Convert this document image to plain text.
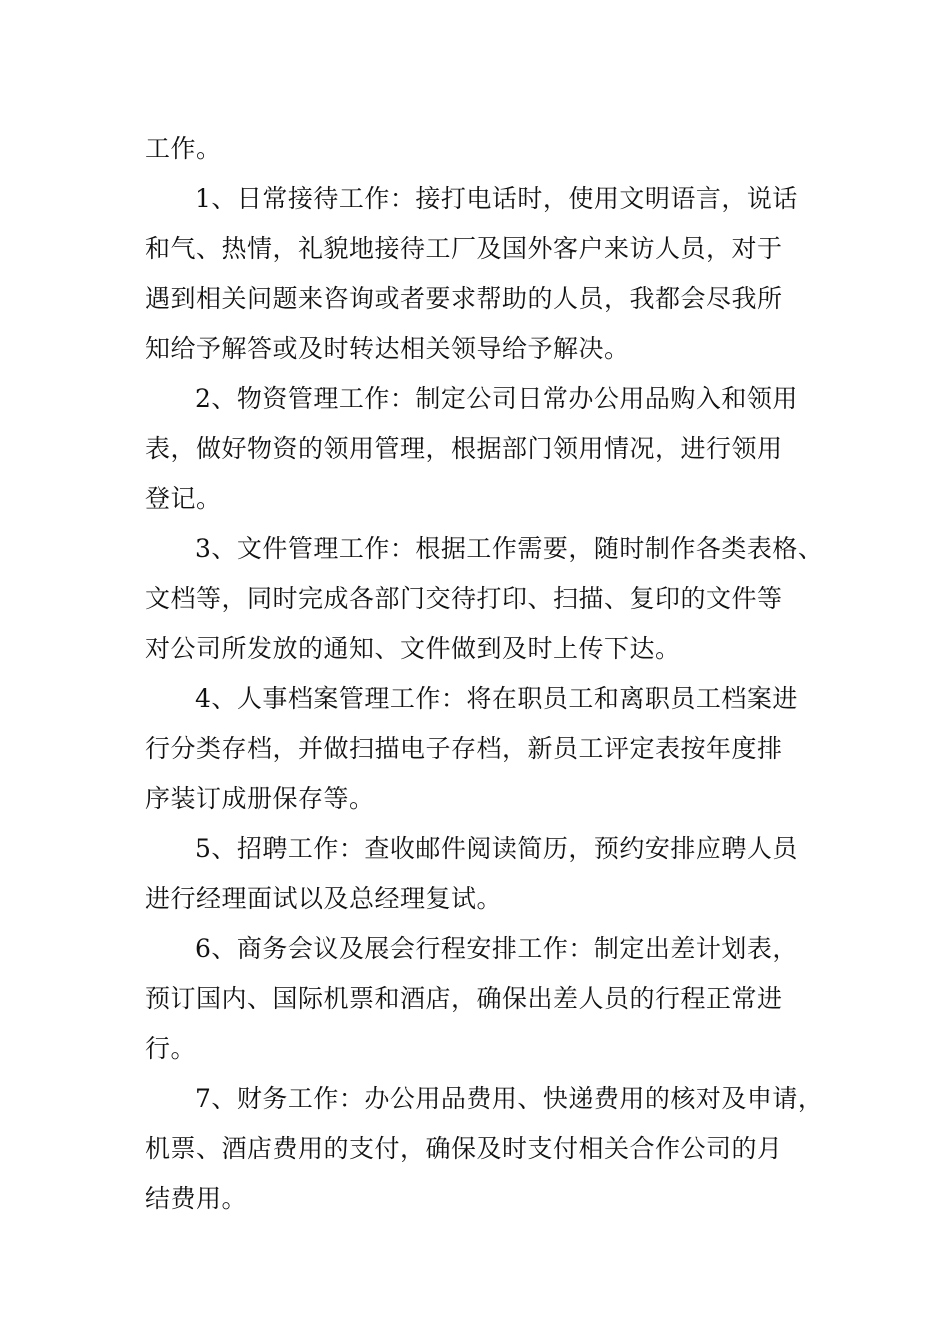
工作。
1、日常接待工作：接打电话时，使用文明语言，说话
和气、热情，礼貌地接待工厂及国外客户来访人员，对于
遇到相关问题来咨询或者要求帮助的人员，我都会尽我所
知给予解答或及时转达相关领导给予解决。
2、物资管理工作：制定公司日常办公用品购入和领用
表，做好物资的领用管理，根据部门领用情况，进行领用
登记。
3、文件管理工作：根据工作需要，随时制作各类表格、
文档等，同时完成各部门交待打印、扫描、复印的文件等
对公司所发放的通知、文件做到及时上传下达。
4、人事档案管理工作：将在职员工和离职员工档案进
行分类存档，并做扫描电子存档，新员工评定表按年度排
序装订成册保存等。
5、招聘工作：查收邮件阅读简历，预约安排应聘人员
进行经理面试以及总经理复试。
6、商务会议及展会行程安排工作：制定出差计划表，
预订国内、国际机票和酒店，确保出差人员的行程正常进
行。
7、财务工作：办公用品费用、快递费用的核对及申请，
机票、酒店费用的支付，确保及时支付相关合作公司的月
结费用。
